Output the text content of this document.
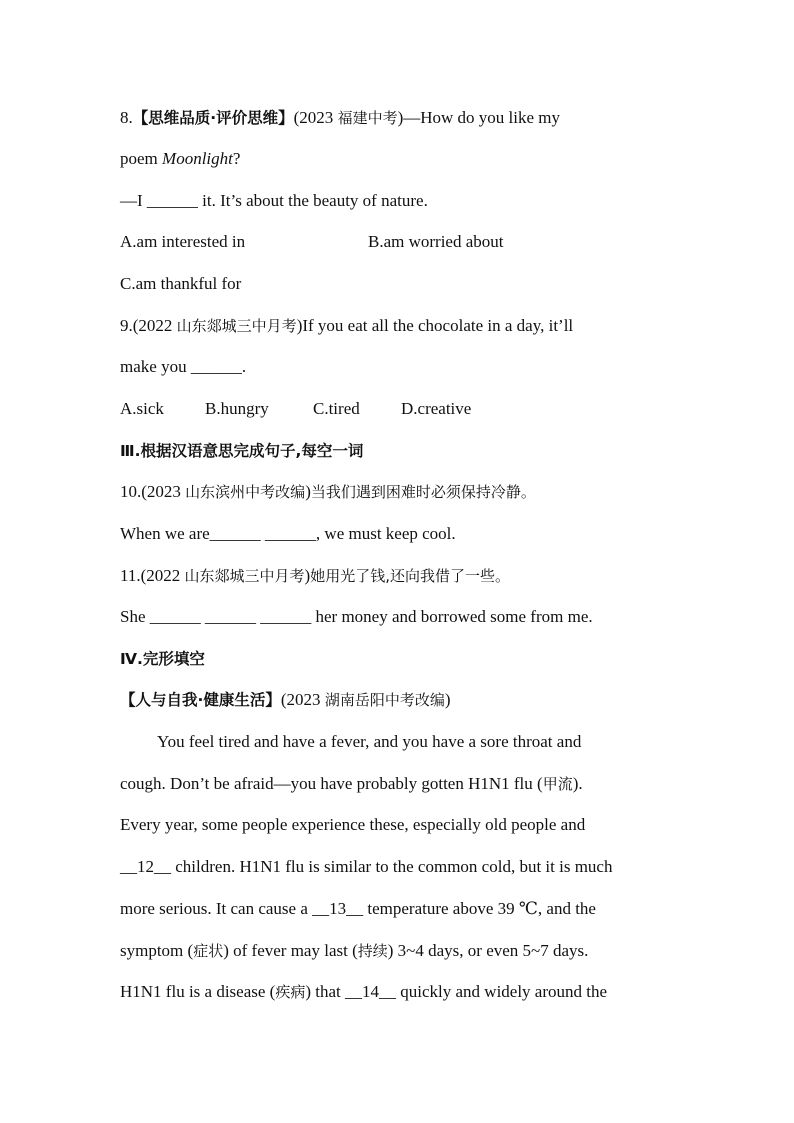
8.【思维品质·评价思维】(2023 福建中考)—How do you like my
poem Moonlight?
—I ______ it. It’s about the beauty of nature.
A.am interested in	B.am worried about
C.am thankful for
9.(2022 山东郯城三中月考)If you eat all the chocolate in a day, it’ll
make you ______.
A.sick B.hungry	C.tired D.creative
Ⅲ.根据汉语意思完成句子,每空一词
10.(2023 山东滨州中考改编)当我们遇到困难时必须保持冷静。
When we are______ ______, we must keep cool.
11.(2022 山东郯城三中月考)她用光了钱,还向我借了一些。
She ______ ______ ______ her money and borrowed some from me.
Ⅳ.完形填空
【人与自我·健康生活】(2023 湖南岳阳中考改编)
You feel tired and have a fever, and you have a sore throat and
cough. Don’t be afraid—you have probably gotten H1N1 flu (甲流).
Every year, some people experience these, especially old people and
__12__ children. H1N1 flu is similar to the common cold, but it is much
more serious. It can cause a __13__ temperature above 39 ℃, and the
symptom (症状) of fever may last (持续) 3~4 days, or even 5~7 days.
H1N1 flu is a disease (疾病) that __14__ quickly and widely around the
